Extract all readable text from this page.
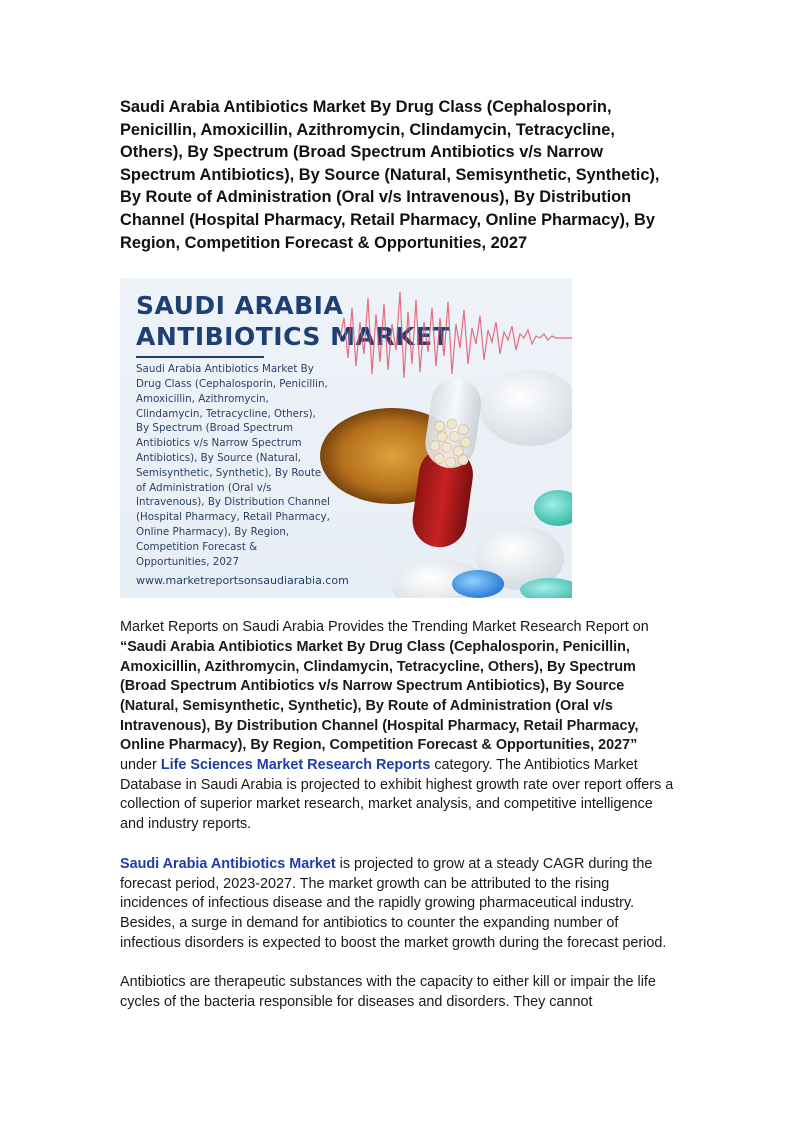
Saudi Arabia Antibiotics Market By Drug Class (Cephalosporin, Penicillin, Amoxicillin, Azithromycin, Clindamycin, Tetracycline, Others), By Spectrum (Broad Spectrum Antibiotics v/s Narrow Spectrum Antibiotics), By Source (Natural, Semisynthetic, Synthetic), By Route of Administration (Oral v/s Intravenous), By Distribution Channel (Hospital Pharmacy, Retail Pharmacy, Online Pharmacy), By Region, Competition Forecast & Opportunities, 2027
SAUDI ARABIA
ANTIBIOTICS MARKET
Saudi Arabia Antibiotics Market By Drug Class (Cephalosporin, Penicillin, Amoxicillin, Azithromycin, Clindamycin, Tetracycline, Others), By Spectrum (Broad Spectrum Antibiotics v/s Narrow Spectrum Antibiotics), By Source (Natural, Semisynthetic, Synthetic), By Route of Administration (Oral v/s Intravenous), By Distribution Channel (Hospital Pharmacy, Retail Pharmacy, Online Pharmacy), By Region, Competition Forecast & Opportunities, 2027
www.marketreportsonsaudiarabia.com

Market Reports on Saudi Arabia Provides the Trending Market Research Report on “Saudi Arabia Antibiotics Market By Drug Class (Cephalosporin, Penicillin, Amoxicillin, Azithromycin, Clindamycin, Tetracycline, Others), By Spectrum (Broad Spectrum Antibiotics v/s Narrow Spectrum Antibiotics), By Source (Natural, Semisynthetic, Synthetic), By Route of Administration (Oral v/s Intravenous), By Distribution Channel (Hospital Pharmacy, Retail Pharmacy, Online Pharmacy), By Region, Competition Forecast & Opportunities, 2027” under Life Sciences Market Research Reports category. The Antibiotics Market Database in Saudi Arabia is projected to exhibit highest growth rate over report offers a collection of superior market research, market analysis, and competitive intelligence and industry reports.

Saudi Arabia Antibiotics Market is projected to grow at a steady CAGR during the forecast period, 2023-2027. The market growth can be attributed to the rising incidences of infectious disease and the rapidly growing pharmaceutical industry. Besides, a surge in demand for antibiotics to counter the expanding number of infectious disorders is expected to boost the market growth during the forecast period.

Antibiotics are therapeutic substances with the capacity to either kill or impair the life cycles of the bacteria responsible for diseases and disorders. They cannot
